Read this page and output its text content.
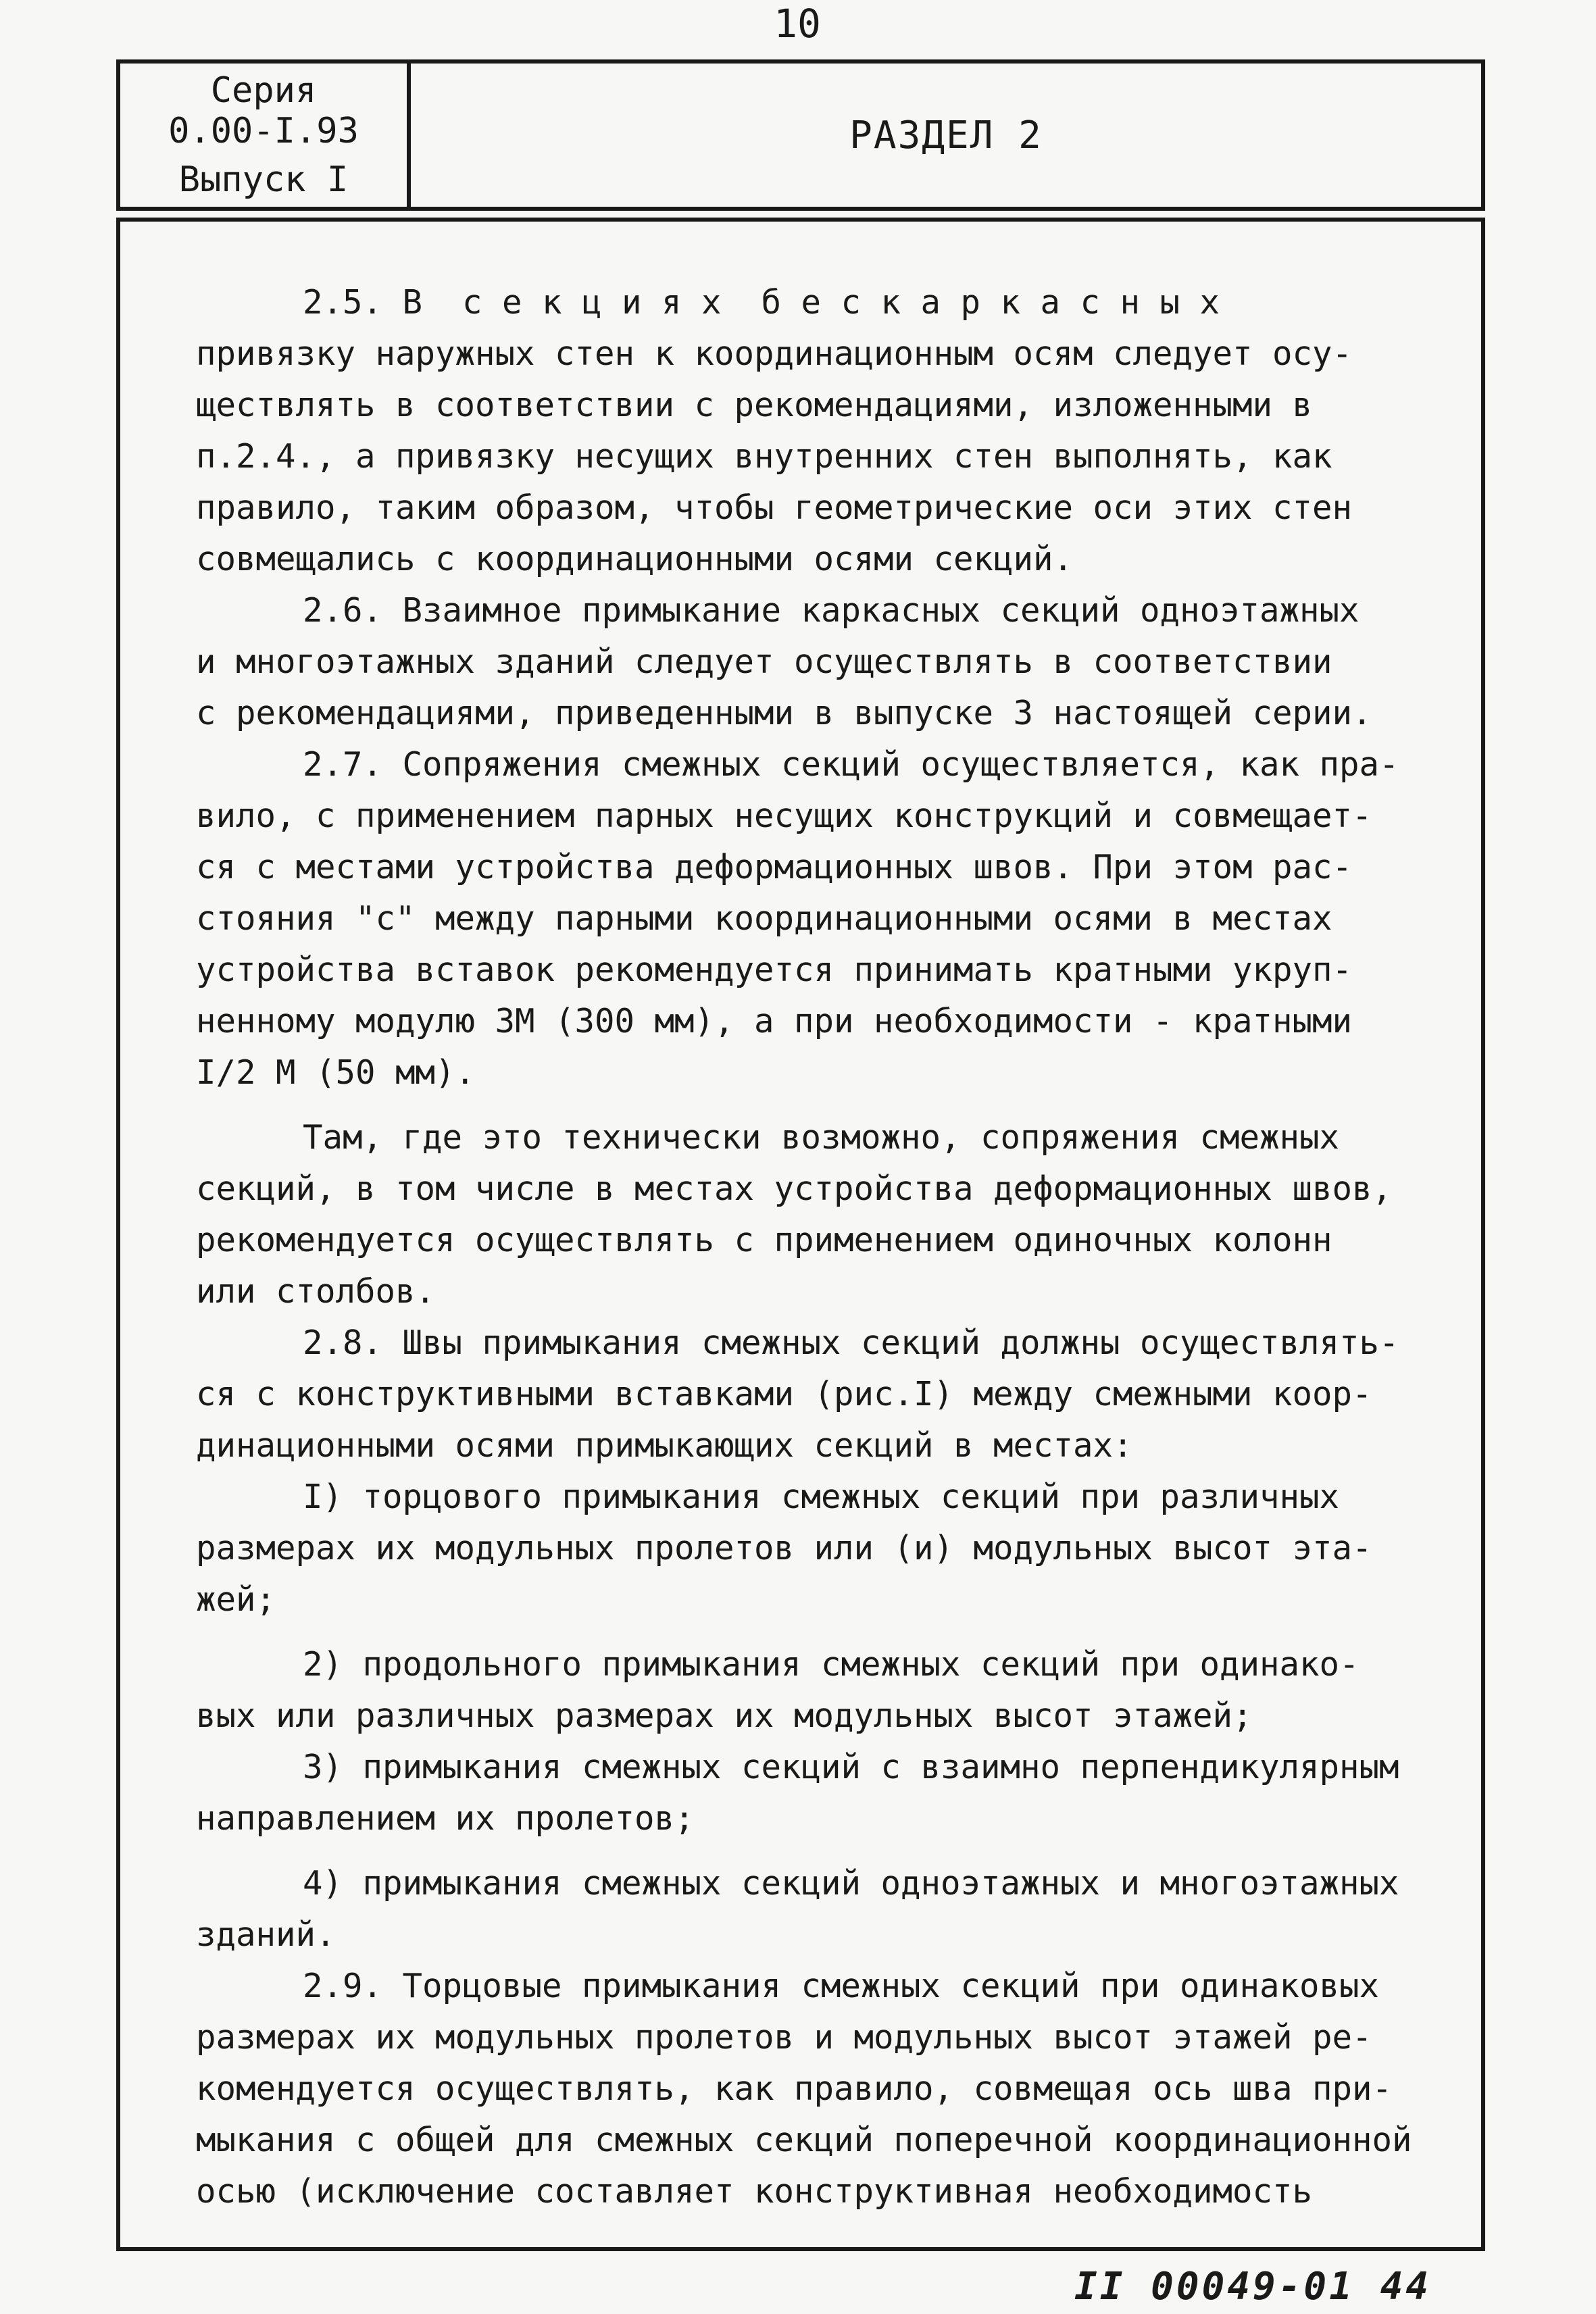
10
Серия
0.00-I.93
Выпуск I
РАЗДЕЛ 2
2.5. В  с е к ц и я х  б е с к а р к а с н ы х
привязку наружных стен к координационным осям следует осу-
ществлять в соответствии с рекомендациями, изложенными в
п.2.4., а привязку несущих внутренних стен выполнять, как
правило, таким образом, чтобы геометрические оси этих стен
совмещались с координационными осями секций.
2.6. Взаимное примыкание каркасных секций одноэтажных
и многоэтажных зданий следует осуществлять в соответствии
с рекомендациями, приведенными в выпуске 3 настоящей серии.
2.7. Сопряжения смежных секций осуществляется, как пра-
вило, с применением парных несущих конструкций и совмещает-
ся с местами устройства деформационных швов. При этом рас-
стояния "с" между парными координационными осями в местах
устройства вставок рекомендуется принимать кратными укруп-
ненному модулю 3М (300 мм), а при необходимости - кратными
I/2 М (50 мм).
Там, где это технически возможно, сопряжения смежных
секций, в том числе в местах устройства деформационных швов,
рекомендуется осуществлять с применением одиночных колонн
или столбов.
2.8. Швы примыкания смежных секций должны осуществлять-
ся с конструктивными вставками (рис.I) между смежными коор-
динационными осями примыкающих секций в местах:
I) торцового примыкания смежных секций при различных
размерах их модульных пролетов или (и) модульных высот эта-
жей;
2) продольного примыкания смежных секций при одинако-
вых или различных размерах их модульных высот этажей;
3) примыкания смежных секций с взаимно перпендикулярным
направлением их пролетов;
4) примыкания смежных секций одноэтажных и многоэтажных
зданий.
2.9. Торцовые примыкания смежных секций при одинаковых
размерах их модульных пролетов и модульных высот этажей ре-
комендуется осуществлять, как правило, совмещая ось шва при-
мыкания с общей для смежных секций поперечной координационной
осью (исключение составляет конструктивная необходимость
II 00049-01 44
